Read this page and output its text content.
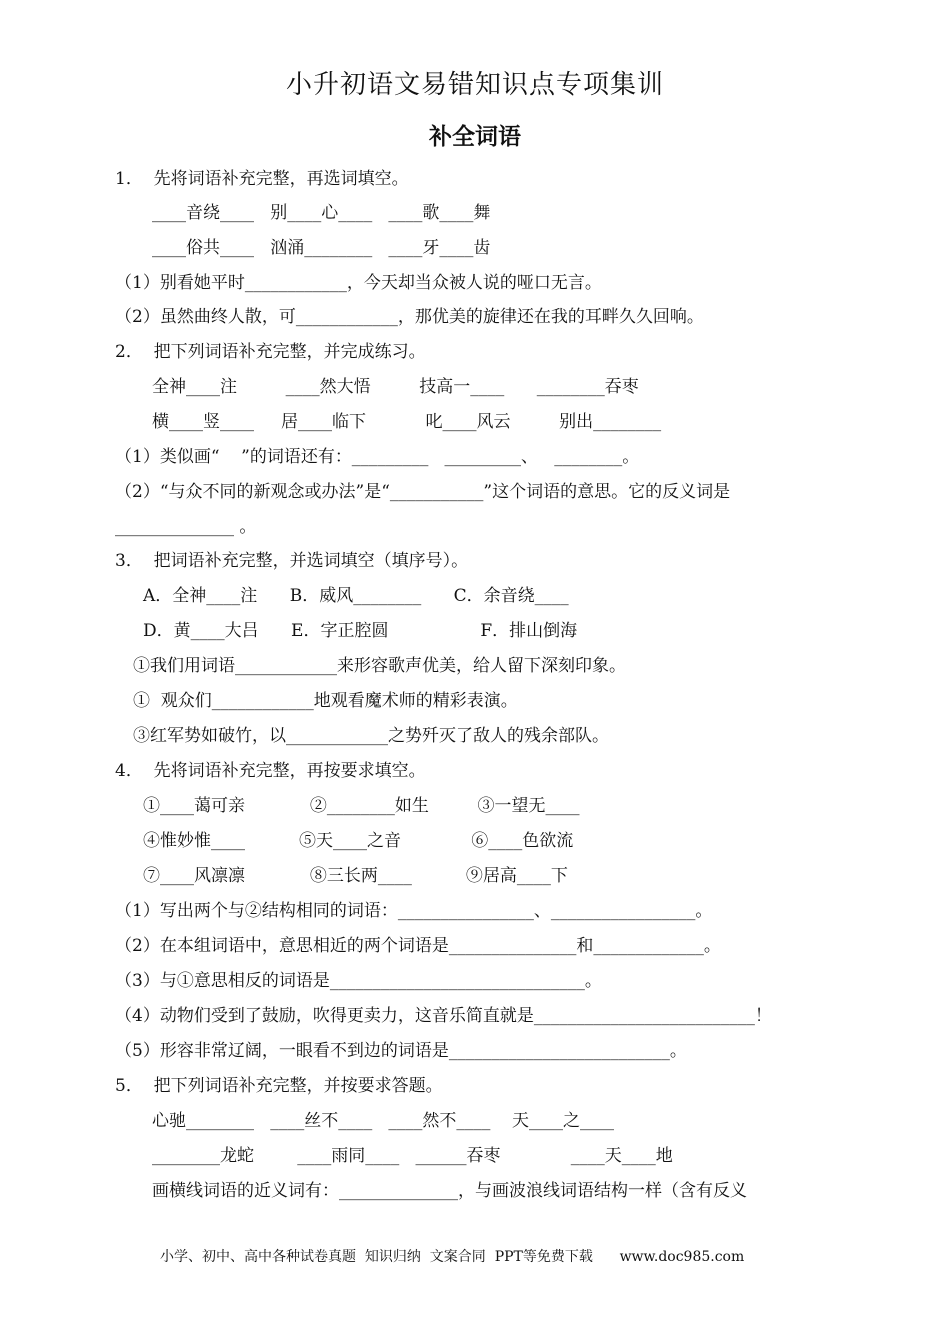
小升初语文易错知识点专项集训
补全词语
1．  先将词语补充完整，再选词填空。
____音绕____   别____心____   ____歌____舞
____俗共____   汹涌________   ____牙____齿
（1）别看她平时____________，今天却当众被人说的哑口无言。
（2）虽然曲终人散，可____________，那优美的旋律还在我的耳畔久久回响。
2．  把下列词语补充完整，并完成练习。
全神____注         ____然大悟         技高一____      ________吞枣
横____竖____     居____临下           叱____风云         别出________
（1）类似画“    ”的词语还有：_________   _________、   ________。
（2）“与众不同的新观念或办法”是“___________”这个词语的意思。它的反义词是
______________ 。
3．  把词语补充完整，并选词填空（填序号）。
A．全神____注      B．威风________      C．余音绕____
D．黄____大吕      E．字正腔圆                 F．排山倒海
①我们用词语____________来形容歌声优美，给人留下深刻印象。
①  观众们____________地观看魔术师的精彩表演。
③红军势如破竹，以____________之势歼灭了敌人的残余部队。
4．  先将词语补充完整，再按要求填空。
①____蔼可亲            ②________如生         ③一望无____
④惟妙惟____          ⑤天____之音             ⑥____色欲流
⑦____风凛凛            ⑧三长两____          ⑨居高____下
（1）写出两个与②结构相同的词语：________________、_________________。
（2）在本组词语中，意思相近的两个词语是_______________和_____________。
（3）与①意思相反的词语是______________________________。
（4）动物们受到了鼓励，吹得更卖力，这音乐简直就是__________________________！
（5）形容非常辽阔，一眼看不到边的词语是__________________________。
5．  把下列词语补充完整，并按要求答题。
心驰________   ____丝不____   ____然不____    天____之____
________龙蛇        ____雨同____   ______吞枣             ____天____地
画横线词语的近义词有：______________，与画波浪线词语结构一样（含有反义
小学、初中、高中各种试卷真题  知识归纳  文案合同  PPT等免费下载      www.doc985.com
